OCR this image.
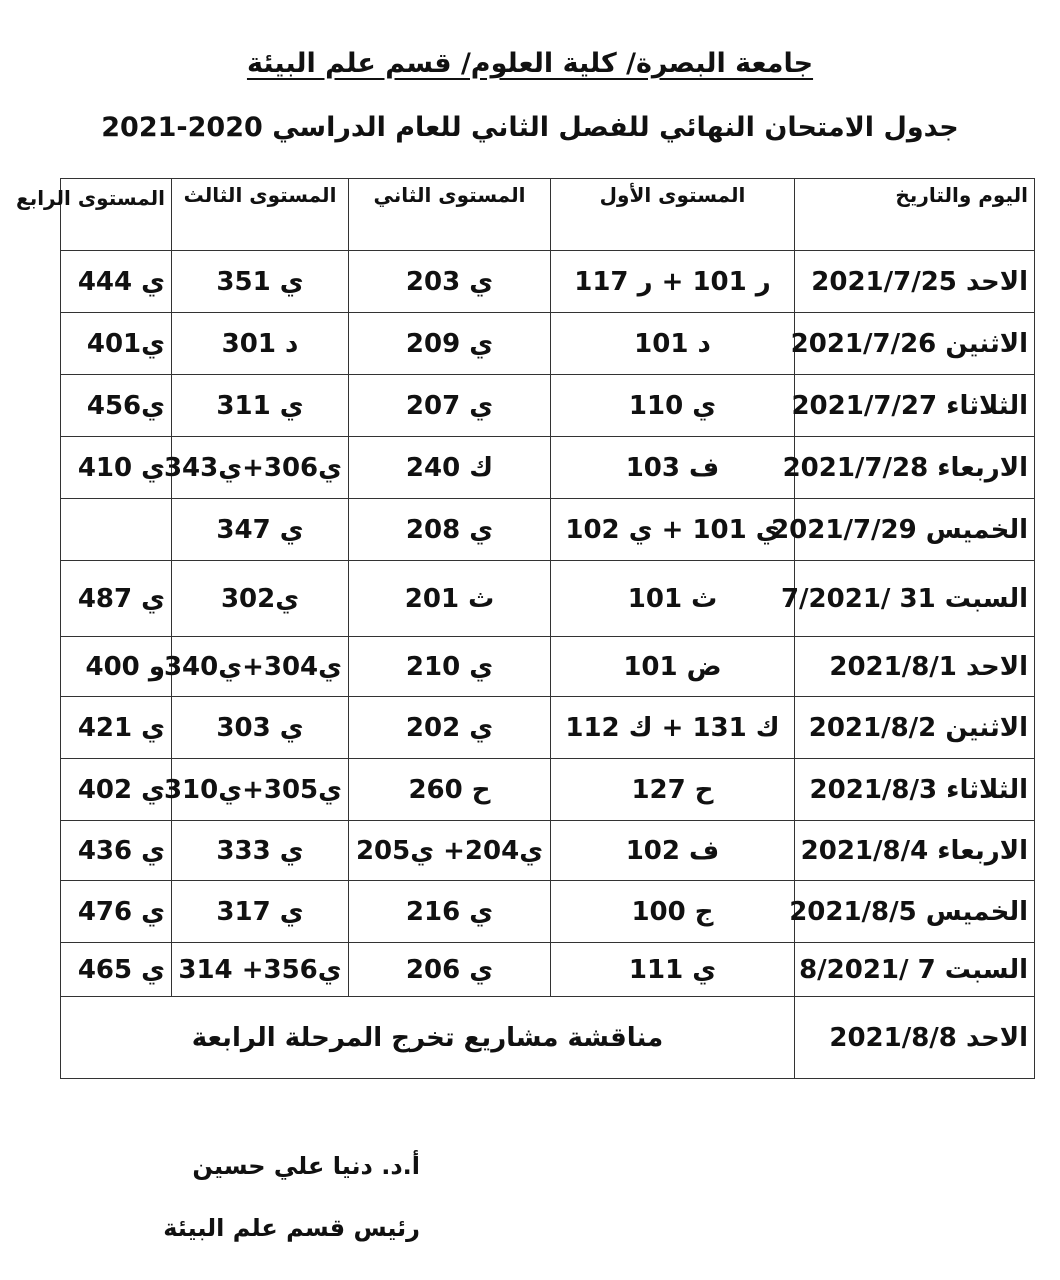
جامعة البصرة/ كلية العلوم/ قسم علم البيئة
جدول الامتحان النهائي للفصل الثاني للعام الدراسي 2020-2021
اليوم والتاريخ	المستوى الأول	المستوى الثاني	المستوى الثالث	المستوى الرابع
الاحد 2021/7/25	ر 101 + ر 117	ي 203	ي 351	ي 444
الاثنين 2021/7/26	د 101	ي 209	د 301	ي401
الثلاثاء 2021/7/27	ي 110	ي 207	ي 311	ي456
الاربعاء 2021/7/28	ف 103	ك 240	ي306+ي343	ي 410
الخميس 2021/7/29	ي 101 + ي 102	ي 208	ي 347	
السبت 31 /7/2021	ث 101	ث 201	ي302	ي 487
الاحد 2021/8/1	ض 101	ي 210	ي304+ي340	و 400
الاثنين 2021/8/2	ك 131 + ك 112	ي 202	ي 303	ي 421
الثلاثاء 2021/8/3	ح 127	ح 260	ي305+ي310	ي 402
الاربعاء 2021/8/4	ف 102	ي204+ ي205	ي 333	ي 436
الخميس 2021/8/5	ج 100	ي 216	ي 317	ي 476
السبت 7 /8/2021	ي 111	ي 206	ي356+ 314	ي 465
الاحد 2021/8/8	مناقشة مشاريع تخرج المرحلة الرابعة			
أ.د. دنيا علي حسين
رئيس قسم علم البيئة
